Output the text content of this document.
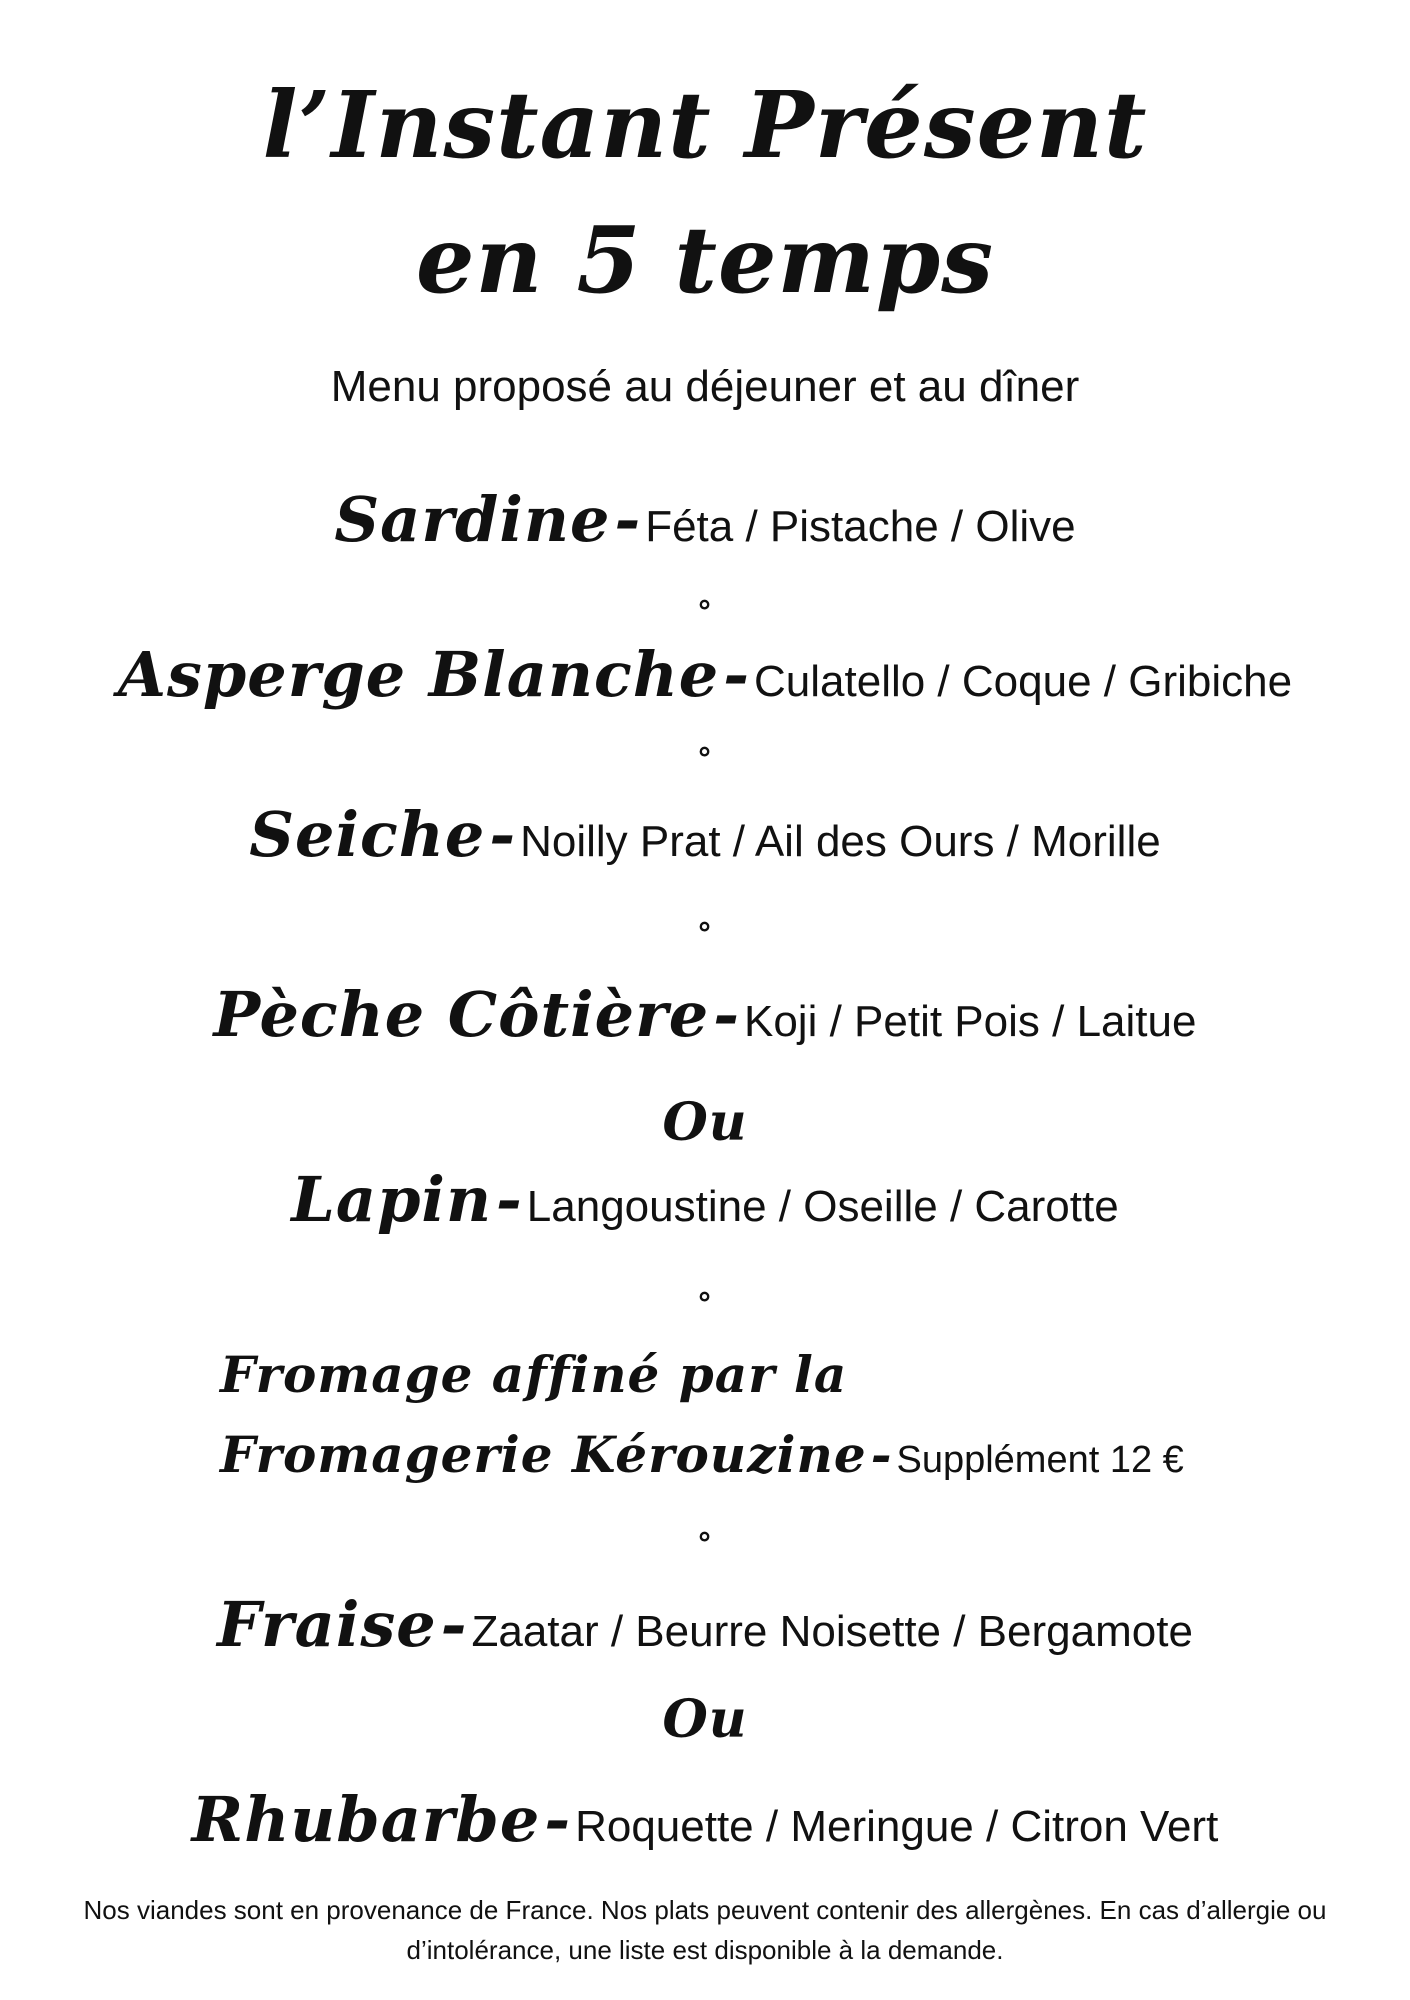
l’Instant Présent
en 5 temps
Menu proposé au déjeuner et au dîner
Sardine - Féta / Pistache / Olive
°
Asperge Blanche - Culatello / Coque / Gribiche
°
Seiche - Noilly Prat / Ail des Ours / Morille
°
Pèche Côtière - Koji / Petit Pois / Laitue
Ou
Lapin - Langoustine / Oseille / Carotte
°
Fromage affiné par la
Fromagerie Kérouzine - Supplément 12 €
°
Fraise - Zaatar / Beurre Noisette / Bergamote
Ou
Rhubarbe - Roquette / Meringue / Citron Vert
Nos viandes sont en provenance de France. Nos plats peuvent contenir des allergènes. En cas d’allergie ou d’intolérance, une liste est disponible à la demande.
